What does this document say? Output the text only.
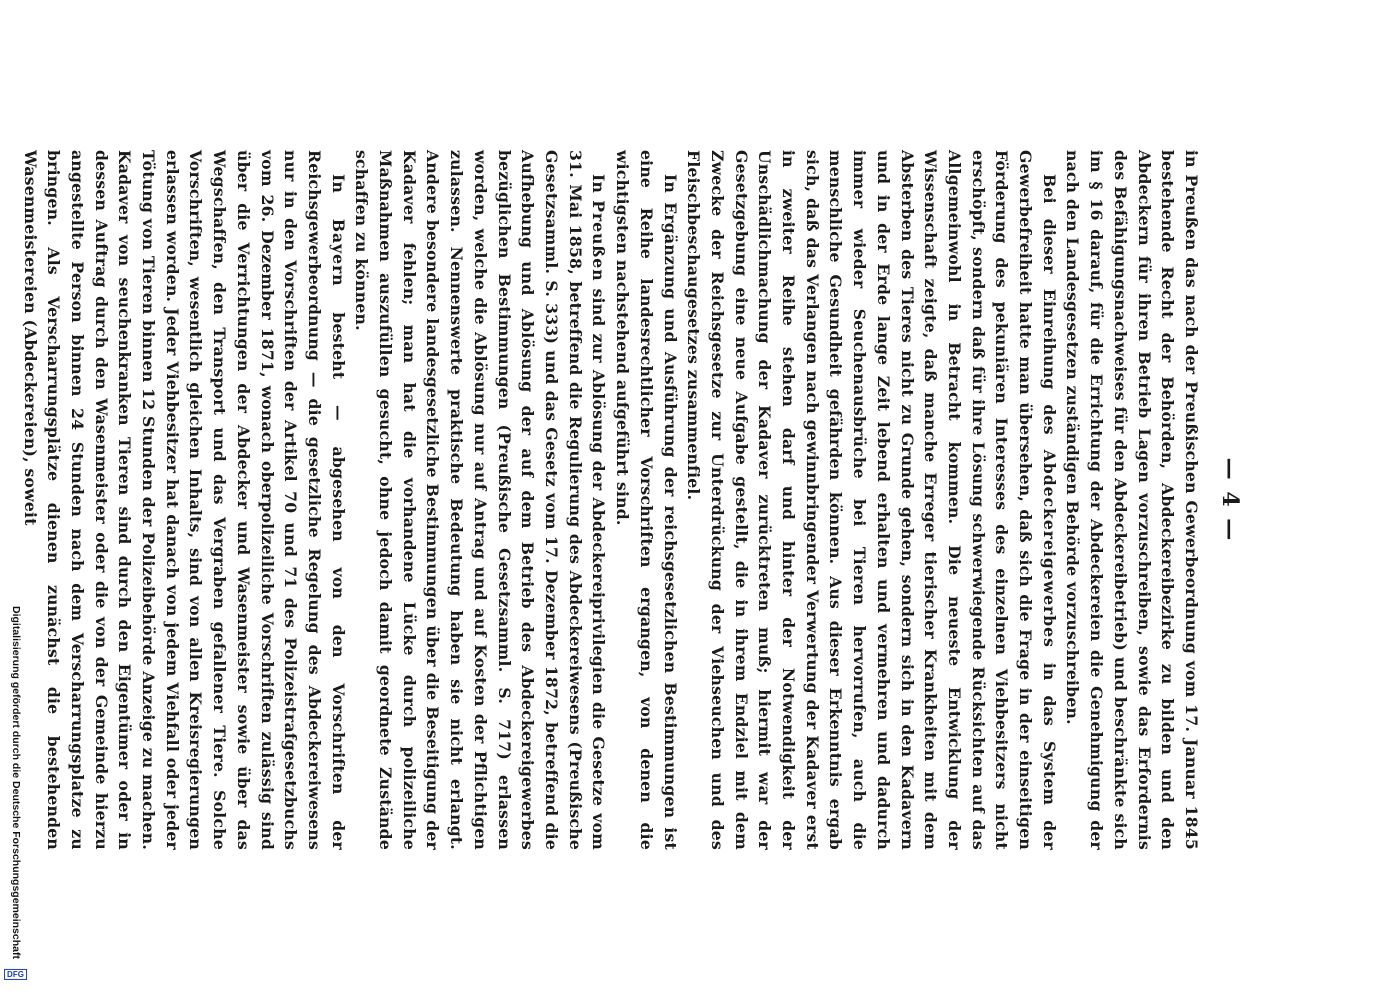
— 4 —

in Preußen das nach der Preußischen Gewerbeordnung vom 17. Januar 1845 bestehende Recht der Behörden, Abdeckereibezirke zu bilden und den Abdeckern für ihren Betrieb Lagen vorzuschreiben, sowie das Erfordernis des Befähigungsnachweises für den Abdeckereibetrieb) und beschränkte sich im § 16 darauf, für die Errichtung der Abdeckereien die Genehmigung der nach den Landesgesetzen zuständigen Behörde vorzuschreiben.

Bei dieser Einreihung des Abdeckereigewerbes in das System der Gewerbefreiheit hatte man übersehen, daß sich die Frage in der einseitigen Förderung des pekuniären Interesses des einzelnen Viehbesitzers nicht erschöpft, sondern daß für ihre Lösung schwerwiegende Rücksichten auf das Allgemeinwohl in Betracht kommen. Die neueste Entwicklung der Wissenschaft zeigte, daß manche Erreger tierischer Krankheiten mit dem Absterben des Tieres nicht zu Grunde gehen, sondern sich in den Kadavern und in der Erde lange Zeit lebend erhalten und vermehren und dadurch immer wieder Seuchenausbrüche bei Tieren hervorrufen, auch die menschliche Gesundheit gefährden können. Aus dieser Erkenntnis ergab sich, daß das Verlangen nach gewinnbringender Verwertung der Kadaver erst in zweiter Reihe stehen darf und hinter der Notwendigkeit der Unschädlichmachung der Kadaver zurücktreten muß; hiermit war der Gesetzgebung eine neue Aufgabe gestellt, die in ihrem Endziel mit dem Zwecke der Reichsgesetze zur Unterdrückung der Viehseuchen und des Fleischbeschaugesetzes zusammenfiel.

In Ergänzung und Ausführung der reichsgesetzlichen Bestimmungen ist eine Reihe landesrechtlicher Vorschriften ergangen, von denen die wichtigsten nachstehend aufgeführt sind.

In Preußen sind zur Ablösung der Abdeckereiprivilegien die Gesetze vom 31. Mai 1858, betreffend die Regulierung des Abdeckereiwesens (Preußische Gesetzsamml. S. 333) und das Gesetz vom 17. Dezember 1872, betreffend die Aufhebung und Ablösung der auf dem Betrieb des Abdeckereigewerbes bezüglichen Bestimmungen (Preußische Gesetzsamml. S. 717) erlassen worden, welche die Ablösung nur auf Antrag und auf Kosten der Pflichtigen zulassen. Nennenswerte praktische Bedeutung haben sie nicht erlangt. Andere besondere landesgesetzliche Bestimmungen über die Beseitigung der Kadaver fehlen; man hat die vorhandene Lücke durch polizeiliche Maßnahmen auszufüllen gesucht, ohne jedoch damit geordnete Zustände schaffen zu können.

In Bayern besteht — abgesehen von den Vorschriften der Reichsgewerbeordnung — die gesetzliche Regelung des Abdeckereiwesens nur in den Vorschriften der Artikel 70 und 71 des Polizeistrafgesetzbuchs vom 26. Dezember 1871, wonach oberpolizeiliche Vorschriften zulässig sind über die Verrichtungen der Abdecker und Wasenmeister sowie über das Wegschaffen, den Transport und das Vergraben gefallener Tiere. Solche Vorschriften, wesentlich gleichen Inhalts, sind von allen Kreisregierungen erlassen worden. Jeder Viehbesitzer hat danach von jedem Viehfall oder jeder Tötung von Tieren binnen 12 Stunden der Polizeibehörde Anzeige zu machen. Kadaver von seuchenkranken Tieren sind durch den Eigentümer oder in dessen Auftrag durch den Wasenmeister oder die von der Gemeinde hierzu angestellte Person binnen 24 Stunden nach dem Verscharrungsplatze zu bringen. Als Verscharrungsplätze dienen zunächst die bestehenden Wasenmeistereien (Abdeckereien), soweit

Digitalisierung gefördert durch die Deutsche Forschungsgemeinschaft
DFG
